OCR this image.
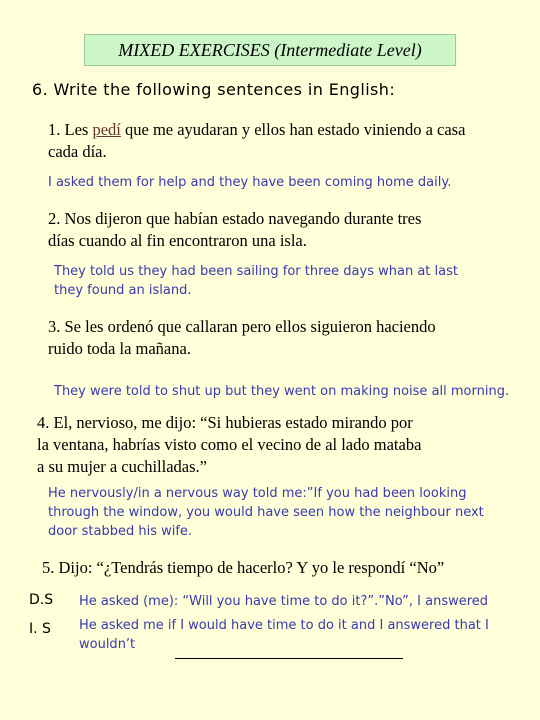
MIXED EXERCISES (Intermediate Level)
6. Write the following sentences in English:
1. Les pedí que me ayudaran y ellos han estado viniendo a casa
cada día.
I asked them for help and they have been coming home daily.
2. Nos dijeron que habían estado navegando durante tres
días cuando al fin encontraron una isla.
They told us they had been sailing for three days whan at last
they found an island.
3. Se les ordenó que callaran pero ellos siguieron haciendo
ruido toda la mañana.
They were told to shut up but they went on making noise all morning.
4. El, nervioso, me dijo: “Si hubieras estado mirando por
la ventana, habrías visto como el vecino de al lado mataba
a su mujer a cuchilladas.”
He nervously/in a nervous way told me:”If you had been looking
through the window, you would have seen how the neighbour next
door stabbed his wife.
5. Dijo: “¿Tendrás tiempo de hacerlo? Y yo le respondí “No”
D.S He asked (me): “Will you have time to do it?”.”No”, I answered
I. S He asked me if I would have time to do it and I answered that I
wouldn’t
